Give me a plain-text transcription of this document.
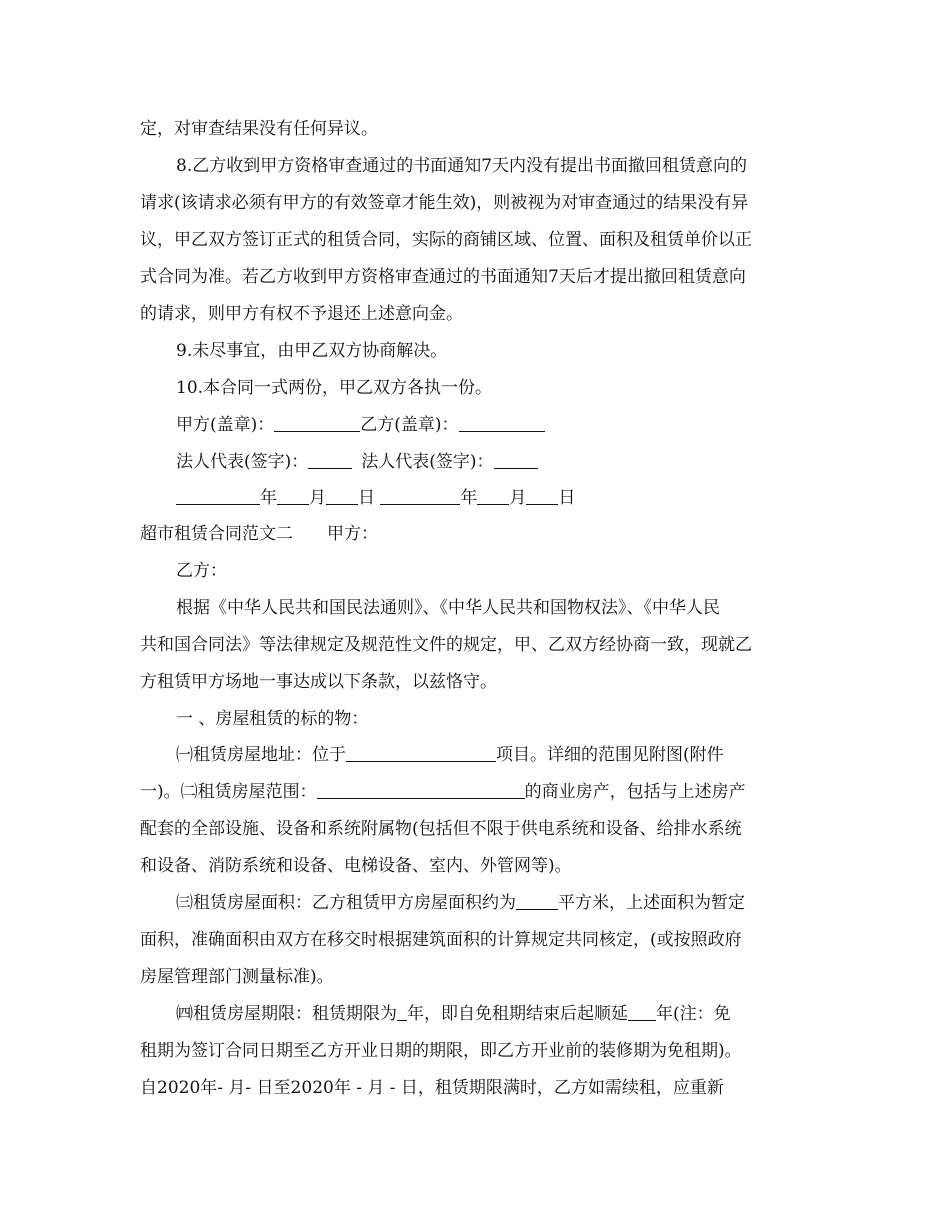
定，对审查结果没有任何异议。

8.乙方收到甲方资格审查通过的书面通知7天内没有提出书面撤回租赁意向的

请求(该请求必须有甲方的有效签章才能生效)，则被视为对审查通过的结果没有异

议，甲乙双方签订正式的租赁合同，实际的商铺区域、位置、面积及租赁单价以正

式合同为准。若乙方收到甲方资格审查通过的书面通知7天后才提出撤回租赁意向

的请求，则甲方有权不予退还上述意向金。

9.未尽事宜，由甲乙双方协商解决。

10.本合同一式两份，甲乙双方各执一份。

甲方(盖章)：	乙方(盖章)：

法人代表(签字)：	法人代表(签字)：

年 月 日	年 月 日

超市租赁合同范文二 甲方：

乙方：

根据《中华人民共和国民法通则》、《中华人民共和国物权法》、《中华人民

共和国合同法》等法律规定及规范性文件的规定，甲、乙双方经协商一致，现就乙

方租赁甲方场地一事达成以下条款，以兹恪守。

一 、房屋租赁的标的物：

㈠租赁房屋地址：位于	项目。详细的范围见附图(附件

一)。㈡租赁房屋范围：	的商业房产，包括与上述房产

配套的全部设施、设备和系统附属物(包括但不限于供电系统和设备、给排水系统

和设备、消防系统和设备、电梯设备、室内、外管网等)。

㈢租赁房屋面积：乙方租赁甲方房屋面积约为 平方米，上述面积为暂定

面积，准确面积由双方在移交时根据建筑面积的计算规定共同核定，(或按照政府

房屋管理部门测量标准)。

㈣租赁房屋期限：租赁期限为 年，即自免租期结束后起顺延 年(注：免

租期为签订合同日期至乙方开业日期的期限，即乙方开业前的装修期为免租期)。

自2020年- 月- 日至2020年 - 月 - 日，租赁期限满时，乙方如需续租，应重新
